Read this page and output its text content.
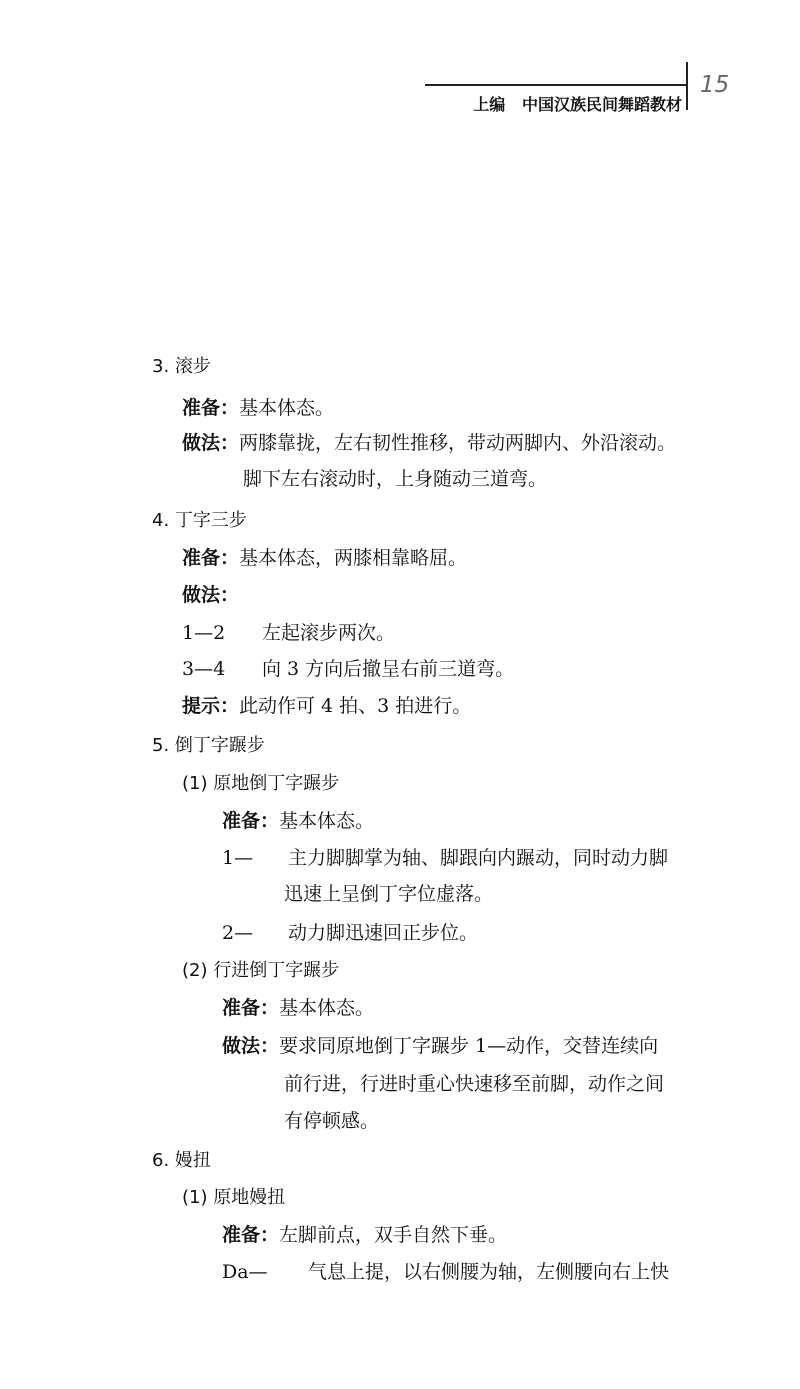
15
上编   中国汉族民间舞蹈教材
3. 滚步
准备：基本体态。
做法：两膝靠拢，左右韧性推移，带动两脚内、外沿滚动。
脚下左右滚动时，上身随动三道弯。
4. 丁字三步
准备：基本体态，两膝相靠略屈。
做法：
1—2 左起滚步两次。
3—4 向 3 方向后撤呈右前三道弯。
提示：此动作可 4 拍、3 拍进行。
5. 倒丁字蹍步
(1) 原地倒丁字蹍步
准备：基本体态。
1— 主力脚脚掌为轴、脚跟向内蹍动，同时动力脚
迅速上呈倒丁字位虚落。
2— 动力脚迅速回正步位。
(2) 行进倒丁字蹍步
准备：基本体态。
做法：要求同原地倒丁字蹍步 1—动作，交替连续向
前行进，行进时重心快速移至前脚，动作之间
有停顿感。
6. 嫚扭
(1) 原地嫚扭
准备：左脚前点，双手自然下垂。
Da— 气息上提，以右侧腰为轴，左侧腰向右上快
